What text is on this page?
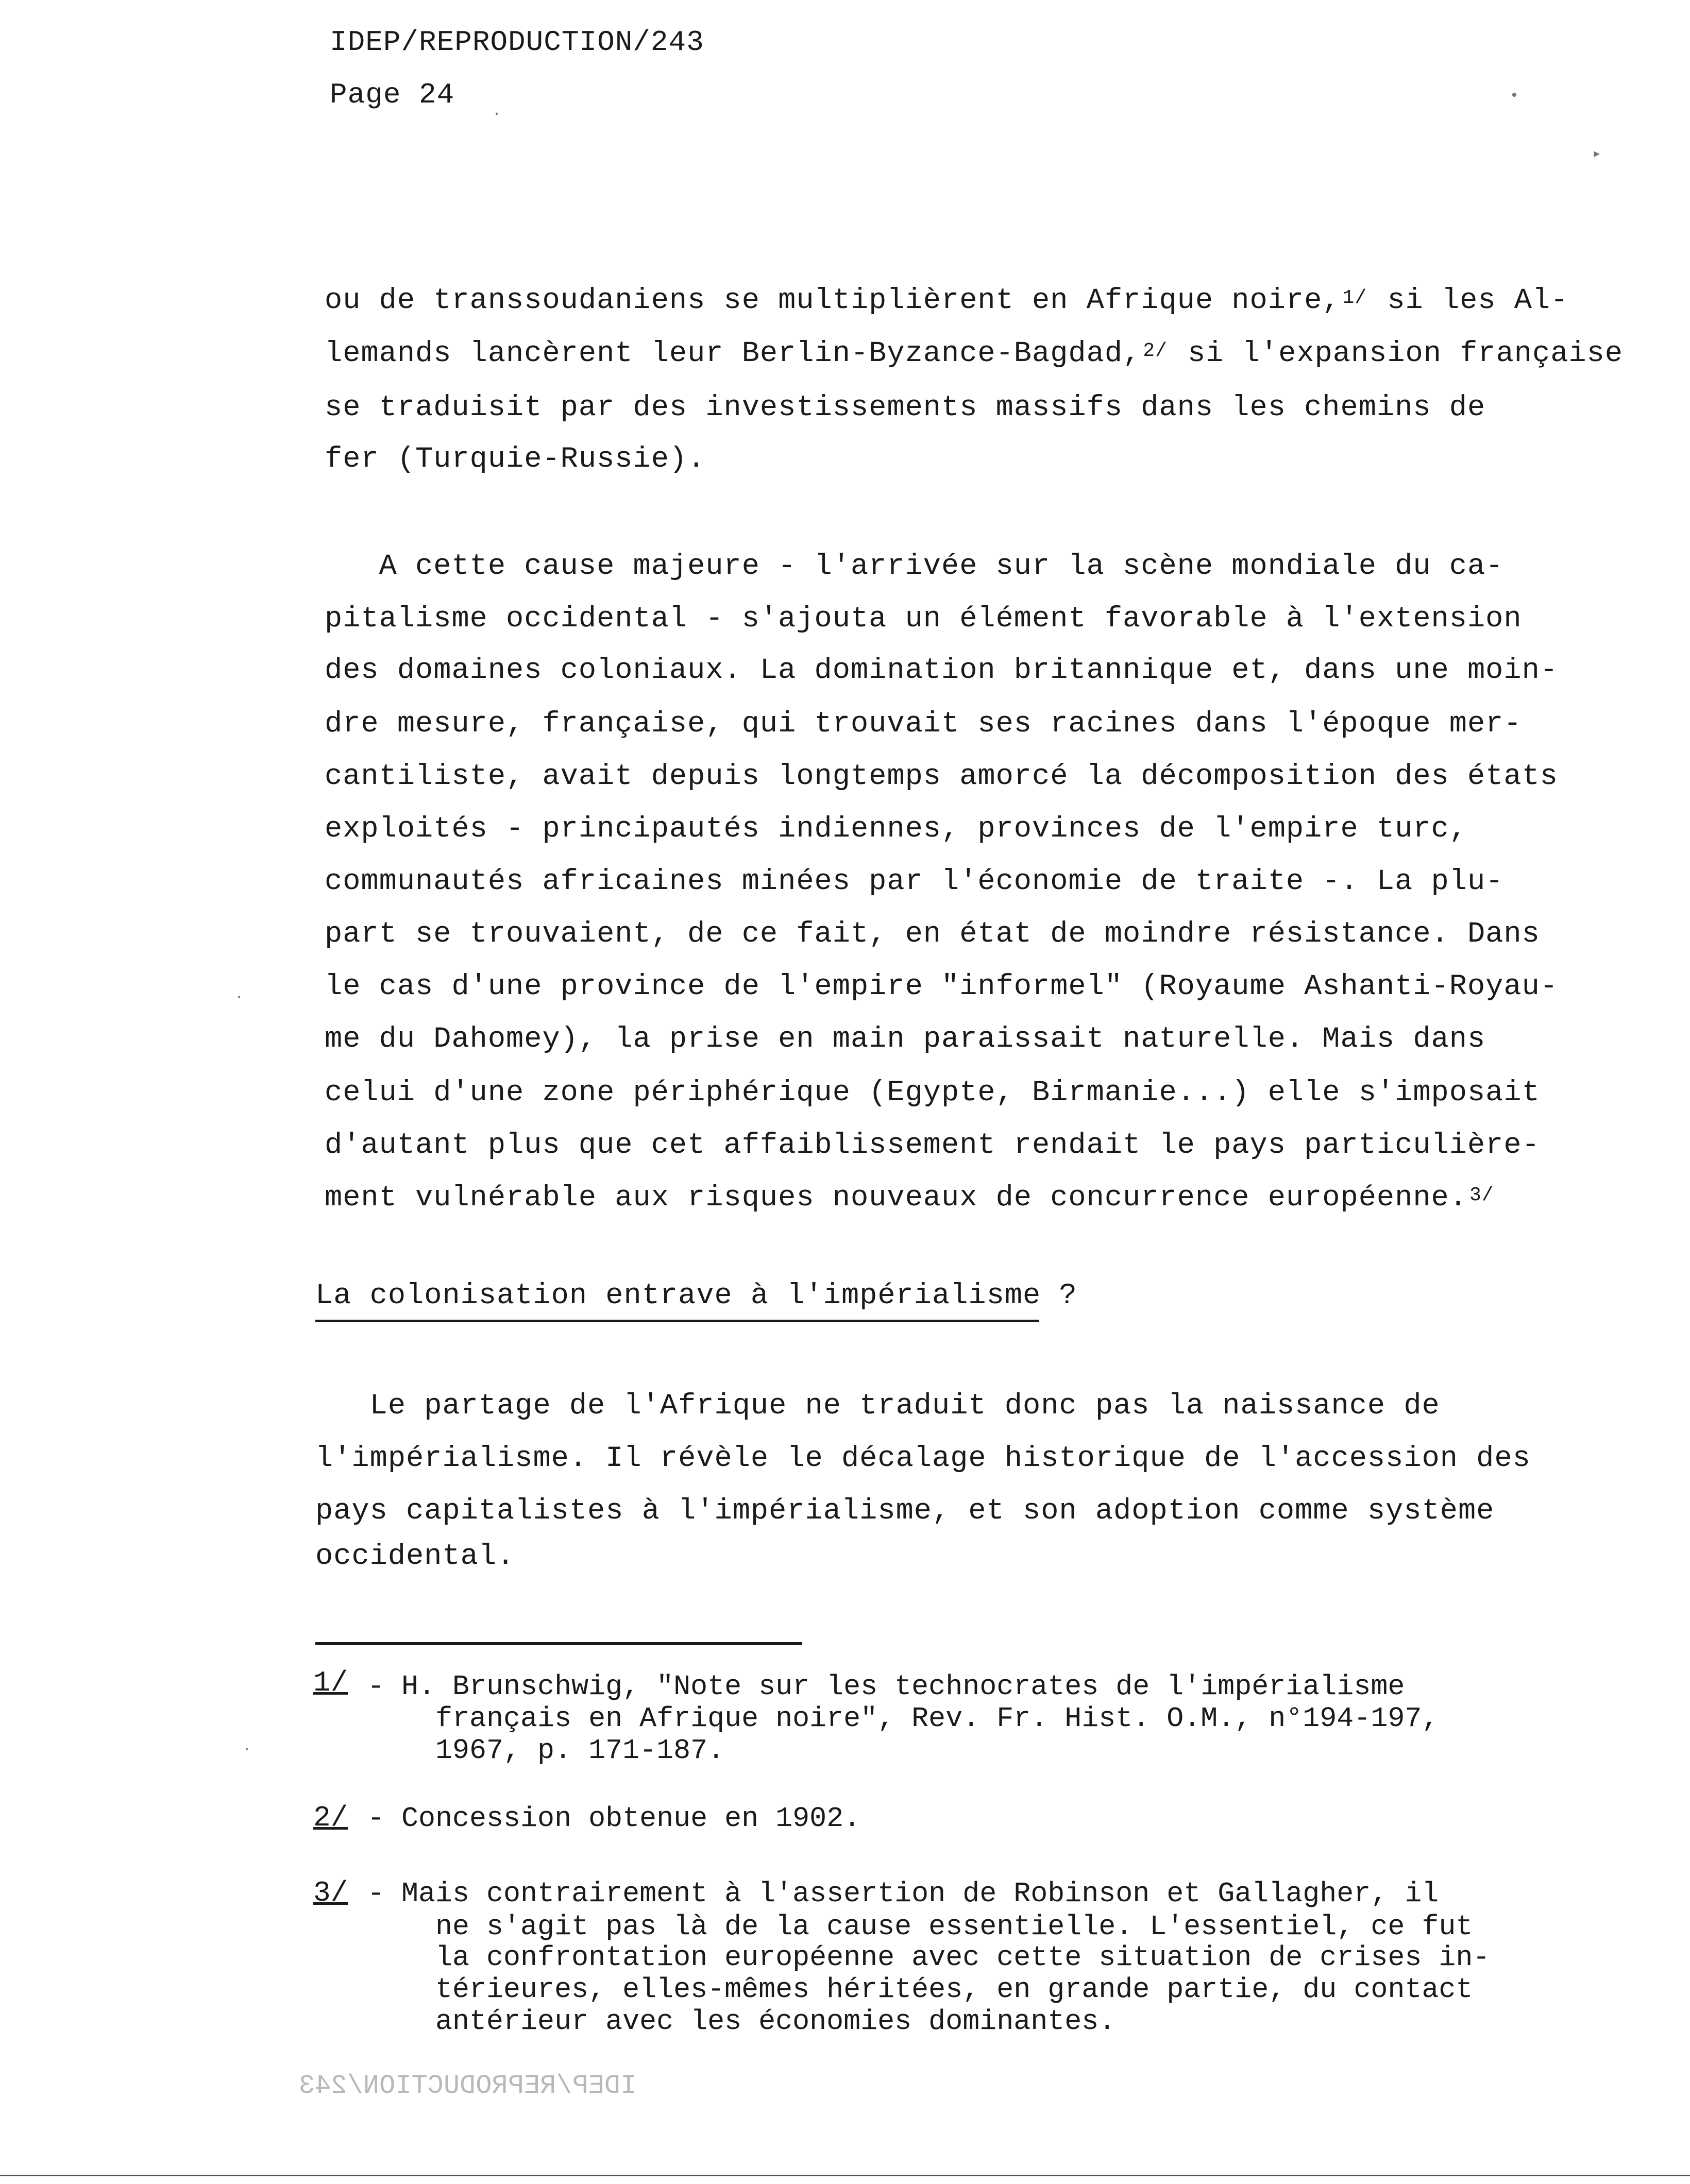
IDEP/REPRODUCTION/243
Page 24
ou de transsoudaniens se multiplièrent en Afrique noire, $^{1/}$ si les Al-
lemands lancèrent leur Berlin-Byzance-Bagdad, $^{2/}$ si l'expansion française
se traduisit par des investissements massifs dans les chemins de
fer (Turquie-Russie).
A cette cause majeure - l'arrivée sur la scène mondiale du ca-
pitalisme occidental - s'ajouta un élément favorable à l'extension
des domaines coloniaux. La domination britannique et, dans une moin-
dre mesure, française, qui trouvait ses racines dans l'époque mer-
cantiliste, avait depuis longtemps amorcé la décomposition des états
exploités - principautés indiennes, provinces de l'empire turc,
communautés africaines minées par l'économie de traite -. La plu-
part se trouvaient, de ce fait, en état de moindre résistance. Dans
le cas d'une province de l'empire "informel" (Royaume Ashanti-Royau-
me du Dahomey), la prise en main paraissait naturelle. Mais dans
celui d'une zone périphérique (Egypte, Birmanie...) elle s'imposait
d'autant plus que cet affaiblissement rendait le pays particulière-
ment vulnérable aux risques nouveaux de concurrence européenne. $^{3/}$
La colonisation entrave à l'impérialisme ?
Le partage de l'Afrique ne traduit donc pas la naissance de
l'impérialisme. Il révèle le décalage historique de l'accession des
pays capitalistes à l'impérialisme, et son adoption comme système
occidental.
1/ - H. Brunschwig, "Note sur les technocrates de l'impérialisme
français en Afrique noire", Rev. Fr. Hist. O.M., n°194-197,
1967, p. 171-187.
2/ - Concession obtenue en 1902.
3/ - Mais contrairement à l'assertion de Robinson et Gallagher, il
ne s'agit pas là de la cause essentielle. L'essentiel, ce fut
la confrontation européenne avec cette situation de crises in-
térieures, elles-mêmes héritées, en grande partie, du contact
antérieur avec les économies dominantes.
IDEP/REPRODUCTION/243
•
▸
·
·
·
